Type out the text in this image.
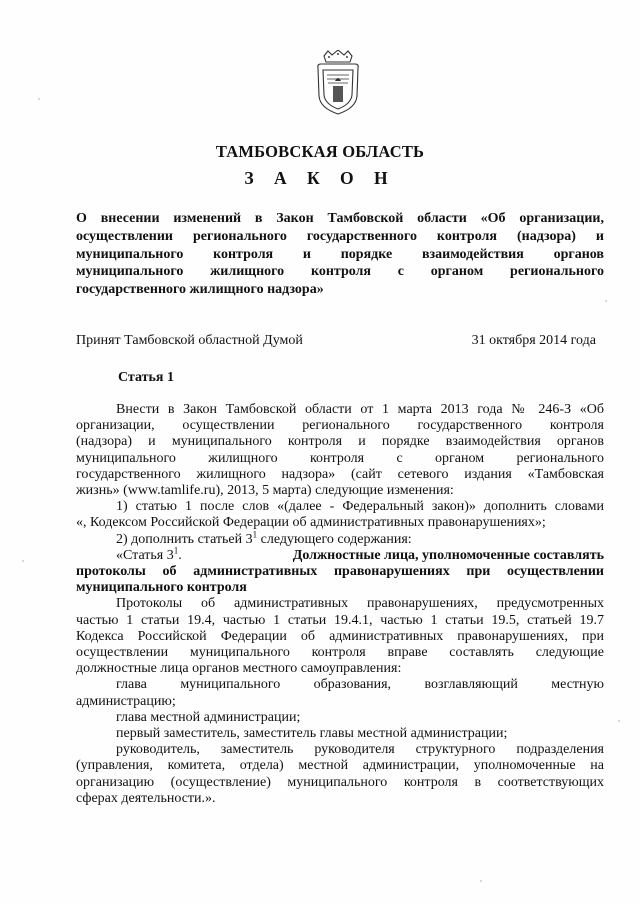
ТАМБОВСКАЯ ОБЛАСТЬ
З А К О Н
О внесении изменений в Закон Тамбовской области «Об организации,
осуществлении регионального государственного контроля (надзора) и
муниципального контроля и порядке взаимодействия органов
муниципального жилищного контроля с органом регионального
государственного жилищного надзора»
Принят Тамбовской областной Думой	31 октября 2014 года
Статья 1
Внести в Закон Тамбовской области от 1 марта 2013 года № 246-З «Об
организации, осуществлении регионального государственного контроля
(надзора) и муниципального контроля и порядке взаимодействия органов
муниципального жилищного контроля с органом регионального
государственного жилищного надзора» (сайт сетевого издания «Тамбовская
жизнь» (www.tamlife.ru), 2013, 5 марта) следующие изменения:
1) статью 1 после слов «(далее - Федеральный закон)» дополнить словами
«, Кодексом Российской Федерации об административных правонарушениях»;
2) дополнить статьей $3^1$ следующего содержания:
«Статья $3^1$.	Должностные лица, уполномоченные составлять
протоколы об административных правонарушениях при осуществлении
муниципального контроля
Протоколы об административных правонарушениях, предусмотренных
частью 1 статьи 19.4, частью 1 статьи 19.4.1, частью 1 статьи 19.5, статьей 19.7
Кодекса Российской Федерации об административных правонарушениях, при
осуществлении муниципального контроля вправе составлять следующие
должностные лица органов местного самоуправления:
глава муниципального образования, возглавляющий местную
администрацию;
глава местной администрации;
первый заместитель, заместитель главы местной администрации;
руководитель, заместитель руководителя структурного подразделения
(управления, комитета, отдела) местной администрации, уполномоченные на
организацию (осуществление) муниципального контроля в соответствующих
сферах деятельности.».
